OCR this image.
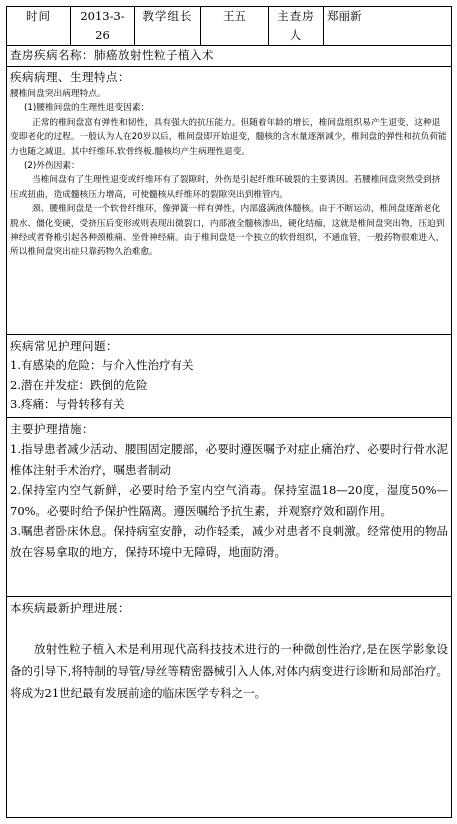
时间	2013-3-26	教学组长	王五	主查房人	郑丽新
查房疾病名称：肺癌放射性粒子植入术

疾病病理、生理特点：

腰椎间盘突出病理特点。

(1)腰椎间盘的生理性退变因素：

正常的椎间盘富有弹性和韧性，具有强大的抗压能力。但随着年龄的增长，椎间盘组织易产生退变，这种退变即老化的过程。一般认为人在20岁以后，椎间盘即开始退变，髓核的含水量逐渐减少，椎间盘的弹性和抗负荷能力也随之减退。其中纤维环.软骨终板.髓核均产生病理性退变。

(2)外伤因素：

当椎间盘有了生理性退变或纤维环有了裂隙时，外伤是引起纤维环破裂的主要诱因。若腰椎间盘突然受到挤压或扭曲，造成髓核压力增高，可使髓核从纤维环的裂隙突出到椎管内。

颈、腰椎间盘是一个软骨纤维环，像弹簧一样有弹性，内部盛满液体髓核。由于不断运动，椎间盘逐渐老化脱水、僵化变硬，受挤压后变形或则表现出微裂口，内部液全髓核渗出，硬化结痂，这就是椎间盘突出物，压迫到神经或者脊椎引起各种颈椎痛、坐骨神经痛。由于椎间盘是一个独立的软骨组织，不通血管，一般药物很难进入，所以椎间盘突出症只靠药物久治难愈。

疾病常见护理问题：

1.有感染的危险：与介入性治疗有关

2.潜在并发症：跌倒的危险

3.疼痛：与骨转移有关

主要护理措施：

1.指导患者减少活动、腰围固定腰部，必要时遵医嘱予对症止痛治疗、必要时行骨水泥椎体注射手术治疗，嘱患者制动

2.保持室内空气新鲜，必要时给予室内空气消毒。保持室温18—20度，湿度50%—70%。必要时给予保护性隔离。遵医嘱给予抗生素，并观察疗效和副作用。

3.嘱患者卧床休息。保持病室安静，动作轻柔，减少对患者不良刺激。经常使用的物品放在容易拿取的地方，保持环境中无障碍，地面防滑。

本疾病最新护理进展：

放射性粒子植入术是利用现代高科技技术进行的一种微创性治疗,是在医学影象设备的引导下,将特制的导管/导丝等精密器械引入人体,对体内病变进行诊断和局部治疗。将成为21世纪最有发展前途的临床医学专科之一。
